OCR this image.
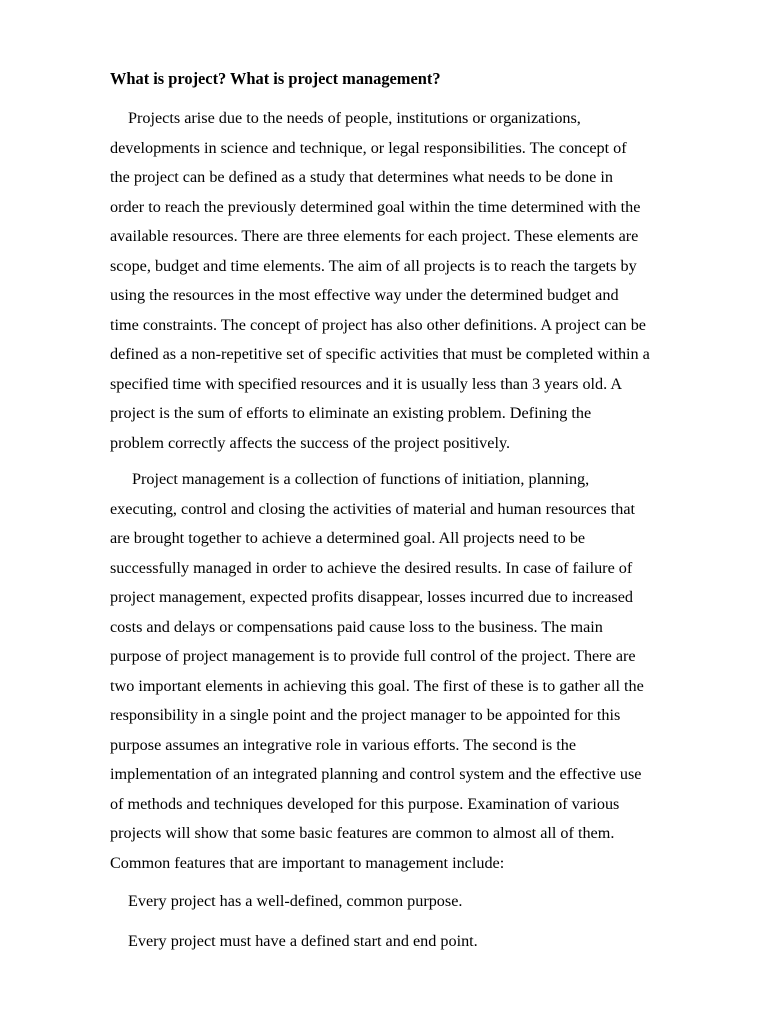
What is project? What is project management?
Projects arise due to the needs of people, institutions or organizations,
developments in science and technique, or legal responsibilities. The concept of
the project can be defined as a study that determines what needs to be done in
order to reach the previously determined goal within the time determined with the
available resources. There are three elements for each project. These elements are
scope, budget and time elements. The aim of all projects is to reach the targets by
using the resources in the most effective way under the determined budget and
time constraints. The concept of project has also other definitions. A project can be
defined as a non-repetitive set of specific activities that must be completed within a
specified time with specified resources and it is usually less than 3 years old. A
project is the sum of efforts to eliminate an existing problem. Defining the
problem correctly affects the success of the project positively.
Project management is a collection of functions of initiation, planning,
executing, control and closing the activities of material and human resources that
are brought together to achieve a determined goal. All projects need to be
successfully managed in order to achieve the desired results. In case of failure of
project management, expected profits disappear, losses incurred due to increased
costs and delays or compensations paid cause loss to the business. The main
purpose of project management is to provide full control of the project. There are
two important elements in achieving this goal. The first of these is to gather all the
responsibility in a single point and the project manager to be appointed for this
purpose assumes an integrative role in various efforts. The second is the
implementation of an integrated planning and control system and the effective use
of methods and techniques developed for this purpose. Examination of various
projects will show that some basic features are common to almost all of them.
Common features that are important to management include:
Every project has a well-defined, common purpose.
Every project must have a defined start and end point.
